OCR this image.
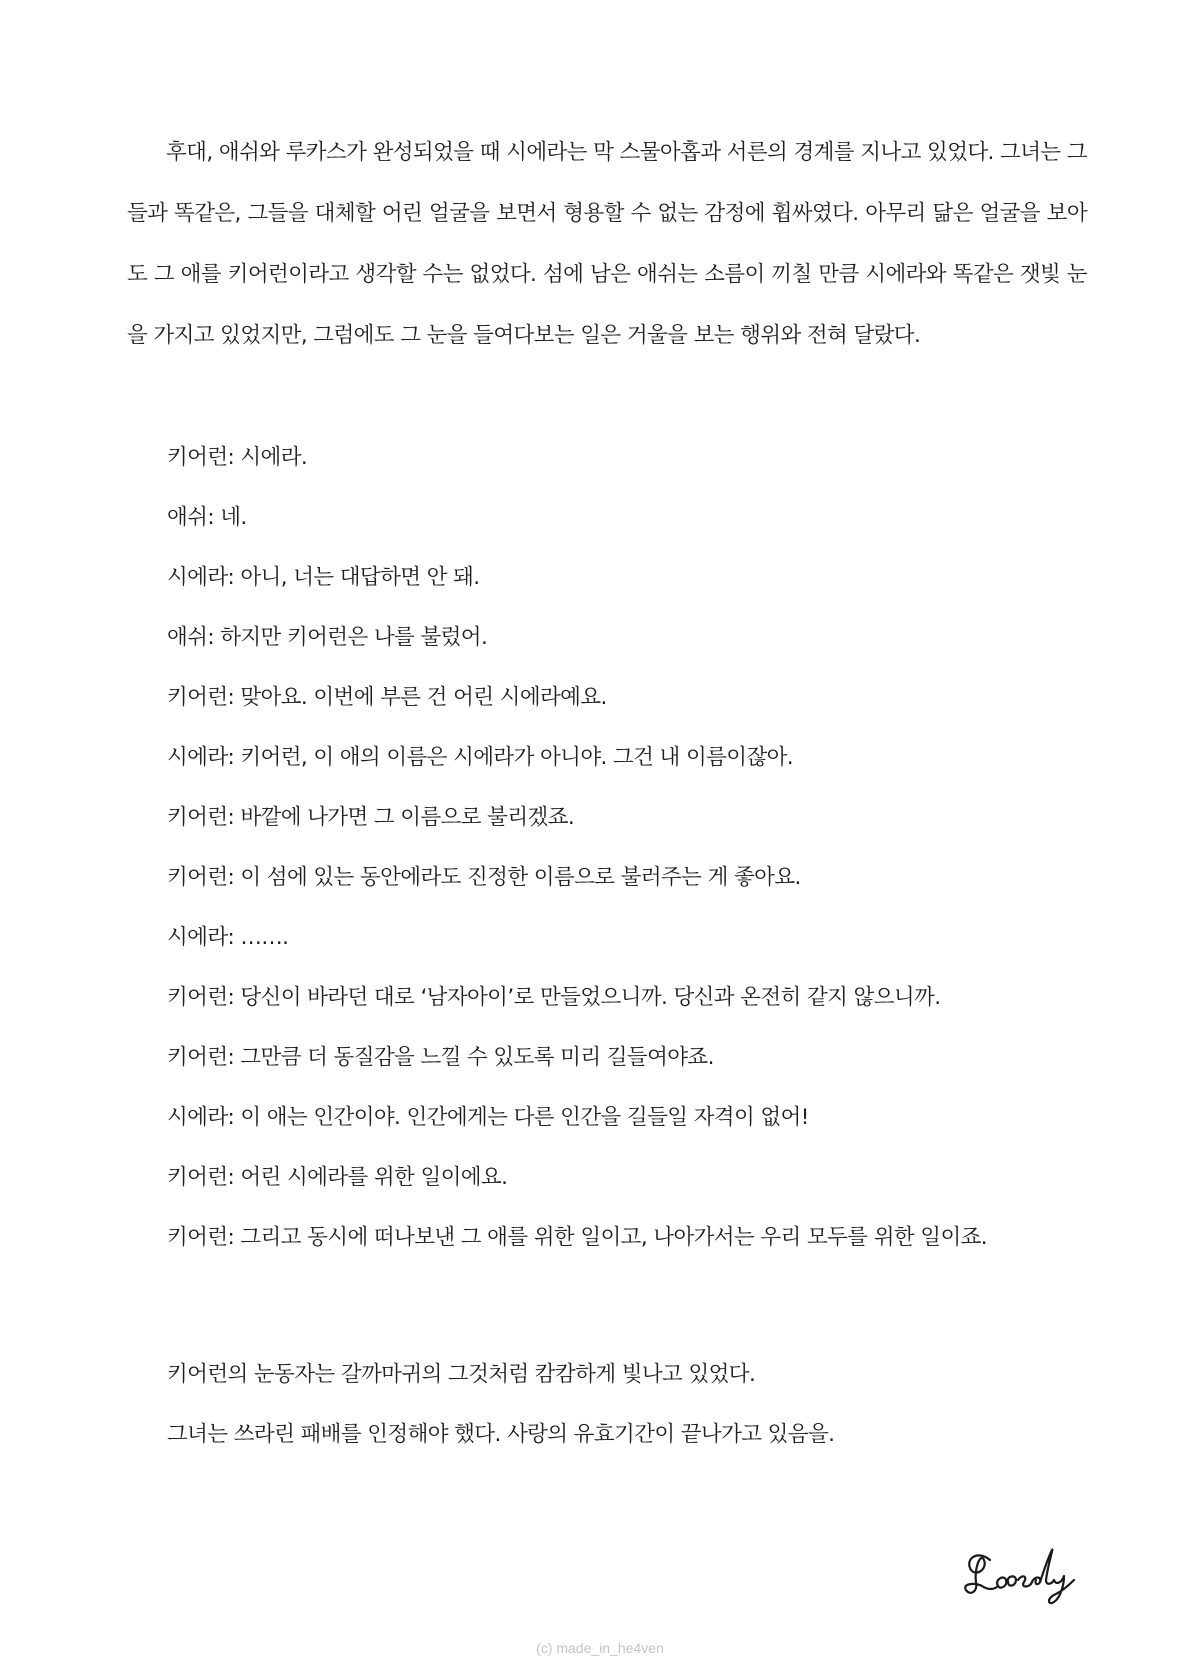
후대, 애쉬와 루카스가 완성되었을 때 시에라는 막 스물아홉과 서른의 경계를 지나고 있었다. 그녀는 그들과 똑같은, 그들을 대체할 어린 얼굴을 보면서 형용할 수 없는 감정에 휩싸였다. 아무리 닮은 얼굴을 보아도 그 애를 키어런이라고 생각할 수는 없었다. 섬에 남은 애쉬는 소름이 끼칠 만큼 시에라와 똑같은 잿빛 눈을 가지고 있었지만, 그럼에도 그 눈을 들여다보는 일은 거울을 보는 행위와 전혀 달랐다.

키어런: 시에라.
애쉬: 네.
시에라: 아니, 너는 대답하면 안 돼.
애쉬: 하지만 키어런은 나를 불렀어.
키어런: 맞아요. 이번에 부른 건 어린 시에라예요.
시에라: 키어런, 이 애의 이름은 시에라가 아니야. 그건 내 이름이잖아.
키어런: 바깥에 나가면 그 이름으로 불리겠죠.
키어런: 이 섬에 있는 동안에라도 진정한 이름으로 불러주는 게 좋아요.
시에라: …….
키어런: 당신이 바라던 대로 ‘남자아이’로 만들었으니까. 당신과 온전히 같지 않으니까.
키어런: 그만큼 더 동질감을 느낄 수 있도록 미리 길들여야죠.
시에라: 이 애는 인간이야. 인간에게는 다른 인간을 길들일 자격이 없어!
키어런: 어린 시에라를 위한 일이에요.
키어런: 그리고 동시에 떠나보낸 그 애를 위한 일이고, 나아가서는 우리 모두를 위한 일이죠.

키어런의 눈동자는 갈까마귀의 그것처럼 캄캄하게 빛나고 있었다.

그녀는 쓰라린 패배를 인정해야 했다. 사랑의 유효기간이 끝나가고 있음을.

(c) made_in_he4ven
